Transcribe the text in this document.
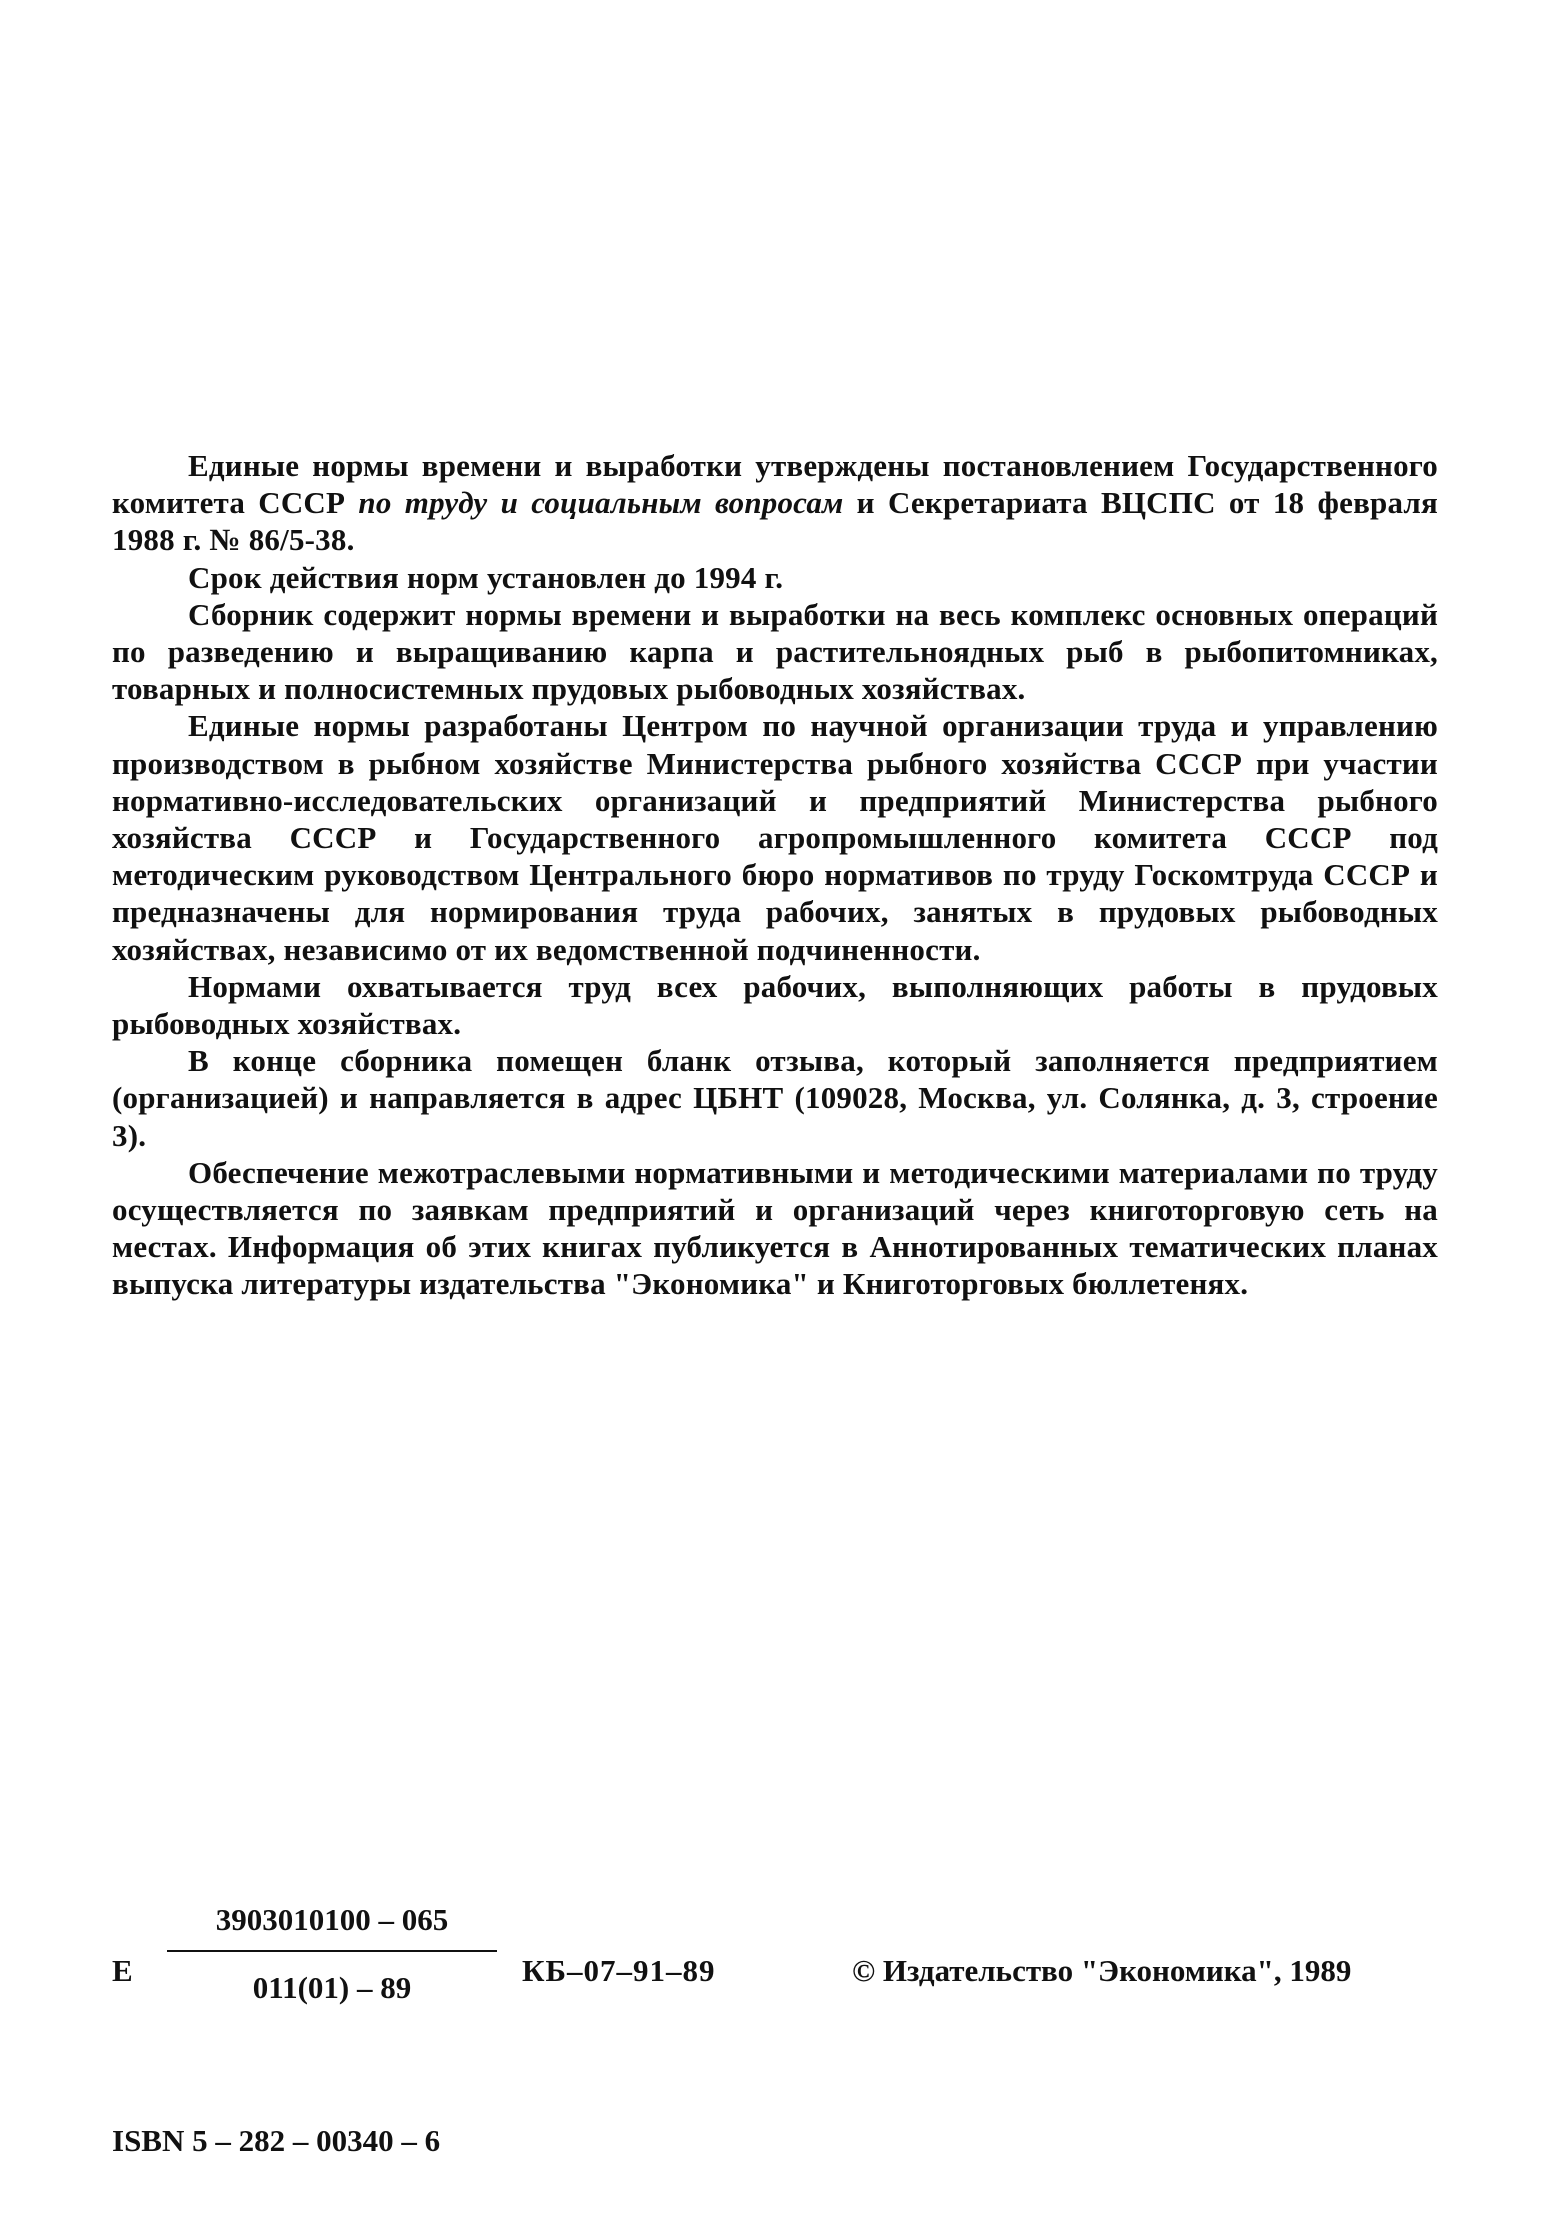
Единые нормы времени и выработки утверждены постановлением Государственного комитета СССР по труду и социальным вопросам и Секретариата ВЦСПС от 18 февраля 1988 г. № 86/5-38.

Срок действия норм установлен до 1994 г.

Сборник содержит нормы времени и выработки на весь комплекс основных операций по разведению и выращиванию карпа и растительноядных рыб в рыбопитомниках, товарных и полносистемных прудовых рыбоводных хозяйствах.

Единые нормы разработаны Центром по научной организации труда и управлению производством в рыбном хозяйстве Министерства рыбного хозяйства СССР при участии нормативно-исследовательских организаций и предприятий Министерства рыбного хозяйства СССР и Государственного агропромышленного комитета СССР под методическим руководством Центрального бюро нормативов по труду Госкомтруда СССР и предназначены для нормирования труда рабочих, занятых в прудовых рыбоводных хозяйствах, независимо от их ведомственной подчиненности.

Нормами охватывается труд всех рабочих, выполняющих работы в прудовых рыбоводных хозяйствах.

В конце сборника помещен бланк отзыва, который заполняется предприятием (организацией) и направляется в адрес ЦБНТ (109028, Москва, ул. Солянка, д. 3, строение 3).

Обеспечение межотраслевыми нормативными и методическими материалами по труду осуществляется по заявкам предприятий и организаций через книготорговую сеть на местах. Информация об этих книгах публикуется в Аннотированных тематических планах выпуска литературы издательства "Экономика" и Книготорговых бюллетенях.

Е
3903010100 – 065
011(01) – 89	КБ–07–91–89	© Издательство "Экономика", 1989
ISBN 5 – 282 – 00340 – 6
